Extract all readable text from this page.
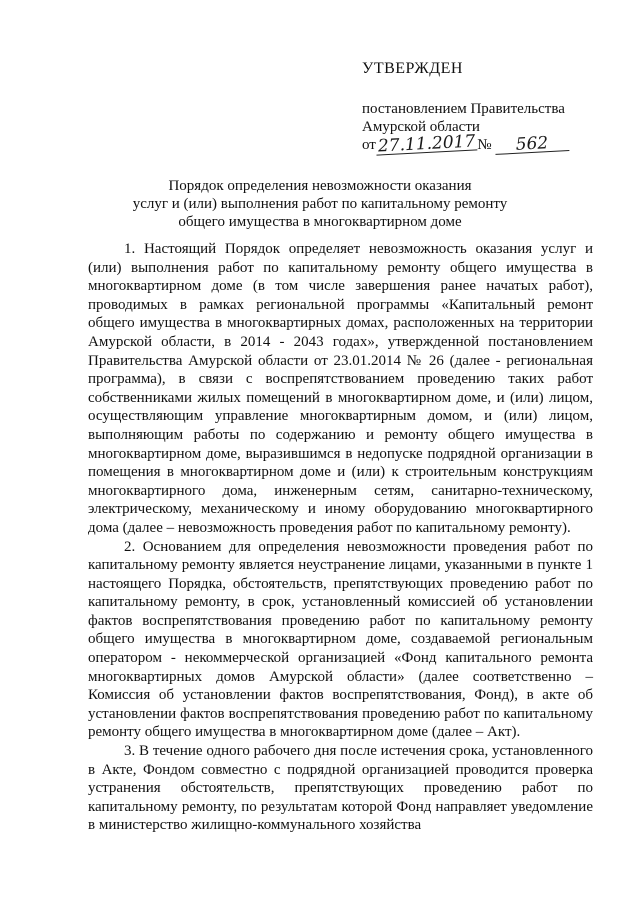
УТВЕРЖДЕН
постановлением Правительства
Амурской области
от27.11.2017 № 562
Порядок определения невозможности оказания
услуг и (или) выполнения работ по капитальному ремонту
общего имущества в многоквартирном доме

1. Настоящий Порядок определяет невозможность оказания услуг и (или) выполнения работ по капитальному ремонту общего имущества в многоквартирном доме (в том числе завершения ранее начатых работ), проводимых в рамках региональной программы «Капитальный ремонт общего имущества в многоквартирных домах, расположенных на территории Амурской области, в 2014 - 2043 годах», утвержденной постановлением Правительства Амурской области от 23.01.2014 № 26 (далее - региональная программа), в связи с воспрепятствованием проведению таких работ собственниками жилых помещений в многоквартирном доме, и (или) лицом, осуществляющим управление многоквартирным домом, и (или) лицом, выполняющим работы по содержанию и ремонту общего имущества в многоквартирном доме, выразившимся в недопуске подрядной организации в помещения в многоквартирном доме и (или) к строительным конструкциям многоквартирного дома, инженерным сетям, санитарно-техническому, электрическому, механическому и иному оборудованию многоквартирного дома (далее – невозможность проведения работ по капитальному ремонту).

2. Основанием для определения невозможности проведения работ по капитальному ремонту является неустранение лицами, указанными в пункте 1 настоящего Порядка, обстоятельств, препятствующих проведению работ по капитальному ремонту, в срок, установленный комиссией об установлении фактов воспрепятствования проведению работ по капитальному ремонту общего имущества в многоквартирном доме, создаваемой региональным оператором - некоммерческой организацией «Фонд капитального ремонта многоквартирных домов Амурской области» (далее соответственно – Комиссия об установлении фактов воспрепятствования, Фонд), в акте об установлении фактов воспрепятствования проведению работ по капитальному ремонту общего имущества в многоквартирном доме (далее – Акт).

3. В течение одного рабочего дня после истечения срока, установленного в Акте, Фондом совместно с подрядной организацией проводится проверка устранения обстоятельств, препятствующих проведению работ по капитальному ремонту, по результатам которой Фонд направляет уведомление в министерство жилищно-коммунального хозяйства
